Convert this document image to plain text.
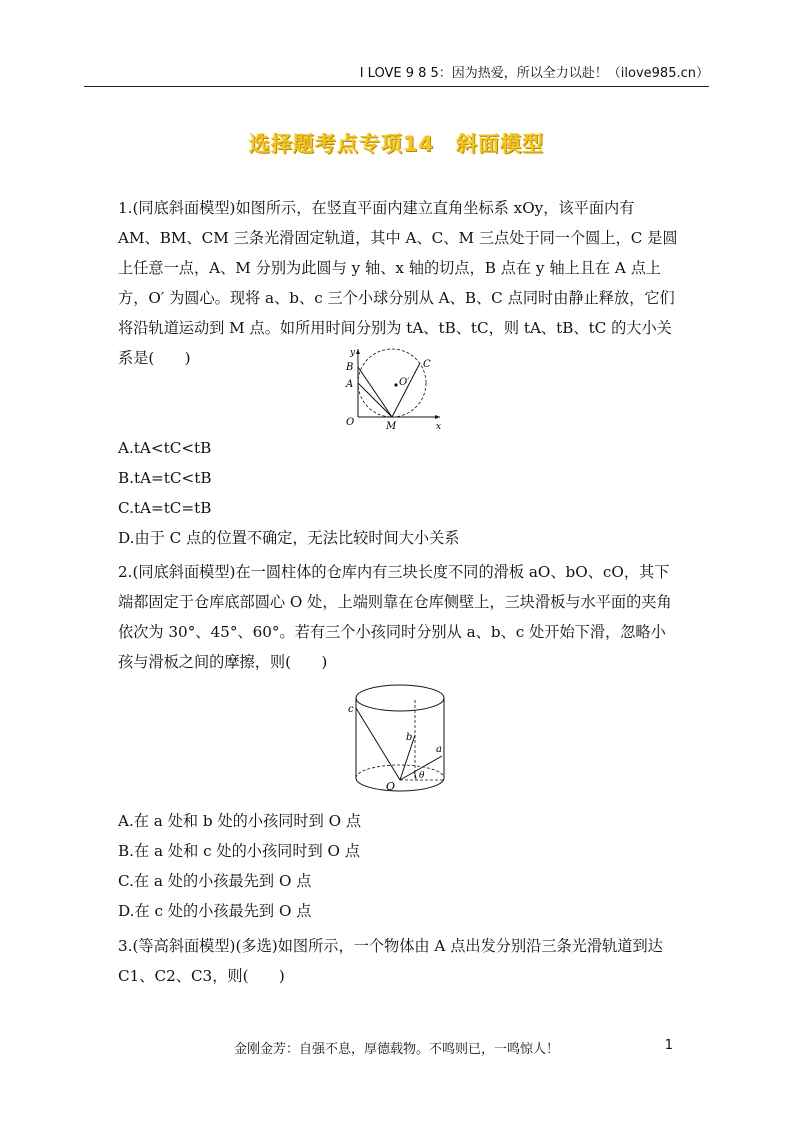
I LOVE 9 8 5：因为热爱，所以全力以赴！（ilove985.cn）
选择题考点专项14　斜面模型
1.(同底斜面模型)如图所示，在竖直平面内建立直角坐标系 xOy，该平面内有 AM、BM、CM 三条光滑固定轨道，其中 A、C、M 三点处于同一个圆上，C 是圆上任意一点，A、M 分别为此圆与 y 轴、x 轴的切点，B 点在 y 轴上且在 A 点上方，O′ 为圆心。现将 a、b、c 三个小球分别从 A、B、C 点同时由静止释放，它们将沿轨道运动到 M 点。如所用时间分别为 tA、tB、tC，则 tA、tB、tC 的大小关系是(　　)	y
B
A
C
O′
O	M	x
A.tA<tC<tB
B.tA=tC<tB
C.tA=tC=tB
D.由于 C 点的位置不确定，无法比较时间大小关系
2.(同底斜面模型)在一圆柱体的仓库内有三块长度不同的滑板 aO、bO、cO，其下端都固定于仓库底部圆心 O 处，上端则靠在仓库侧壁上，三块滑板与水平面的夹角依次为 30°、45°、60°。若有三个小孩同时分别从 a、b、c 处开始下滑，忽略小孩与滑板之间的摩擦，则(　　)
c
b
a
θ
O
A.在 a 处和 b 处的小孩同时到 O 点
B.在 a 处和 c 处的小孩同时到 O 点
C.在 a 处的小孩最先到 O 点
D.在 c 处的小孩最先到 O 点
3.(等高斜面模型)(多选)如图所示，一个物体由 A 点出发分别沿三条光滑轨道到达 C1、C2、C3，则(　　)
金刚金芳：自强不息，厚德载物。不鸣则已，一鸣惊人！	1
